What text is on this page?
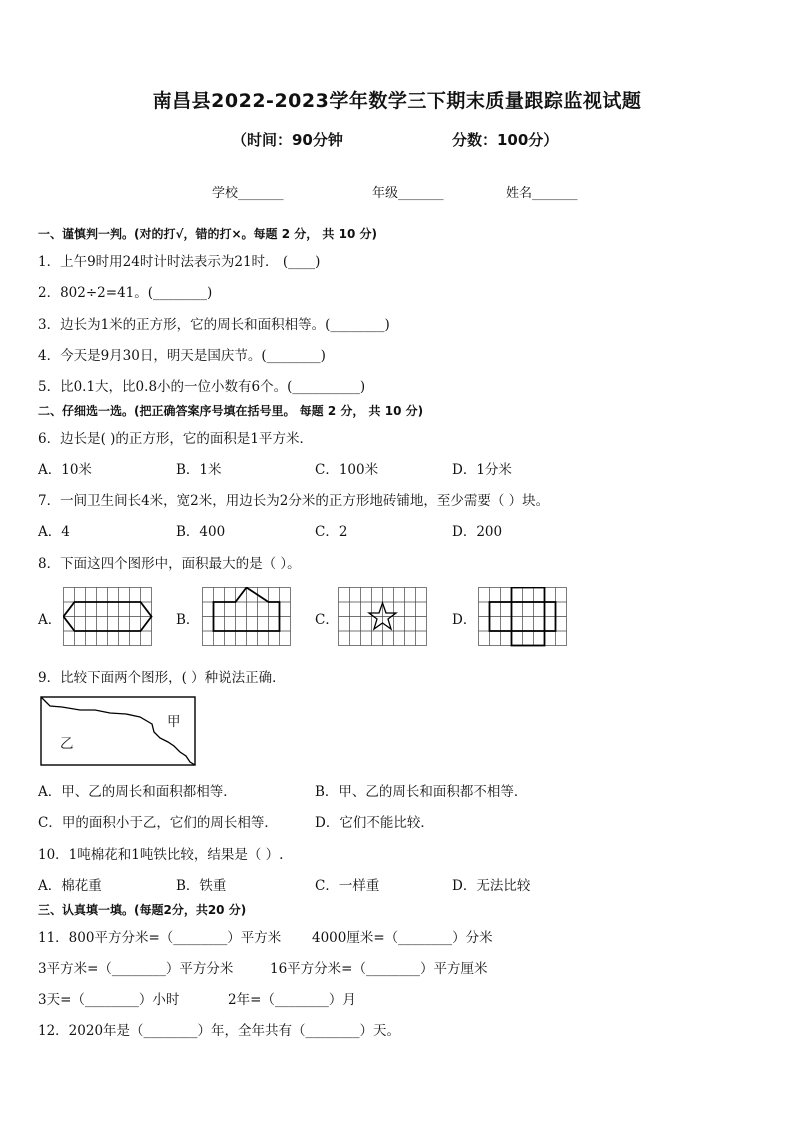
南昌县2022-2023学年数学三下期末质量跟踪监视试题
（时间：90分钟	分数：100分）
学校_______	年级_______	姓名_______
一、谨慎判一判。(对的打√，错的打×。每题 2 分， 共 10 分)
1．上午9时用24时计时法表示为21时． (____)
2．802÷2=41。(________)
3．边长为1米的正方形，它的周长和面积相等。(________)
4．今天是9月30日，明天是国庆节。(________)
5．比0.1大，比0.8小的一位小数有6个。(__________)
二、仔细选一选。(把正确答案序号填在括号里。 每题 2 分， 共 10 分)
6．边长是( )的正方形，它的面积是1平方米．
A．10米	B．1米	C．100米	D．1分米
7．一间卫生间长4米，宽2米，用边长为2分米的正方形地砖铺地，至少需要（ ）块。
A．4	B．400	C．2	D．200
8．下面这四个图形中，面积最大的是（ ）。
A．	B．	C．	D．
9．比较下面两个图形，( ）种说法正确．
甲
乙
A．甲、乙的周长和面积都相等．	B．甲、乙的周长和面积都不相等．
C．甲的面积小于乙，它们的周长相等．	D．它们不能比较．
10．1吨棉花和1吨铁比较，结果是（ ）.
A．棉花重	B．铁重	C．一样重	D．无法比较
三、认真填一填。(每题2分，共20 分)
11．800平方分米=（________）平方米 4000厘米=（________）分米
3平方米=（________）平方分米	16平方分米=（________）平方厘米
3天=（________）小时	2年=（________）月
12．2020年是（________）年，全年共有（________）天。
